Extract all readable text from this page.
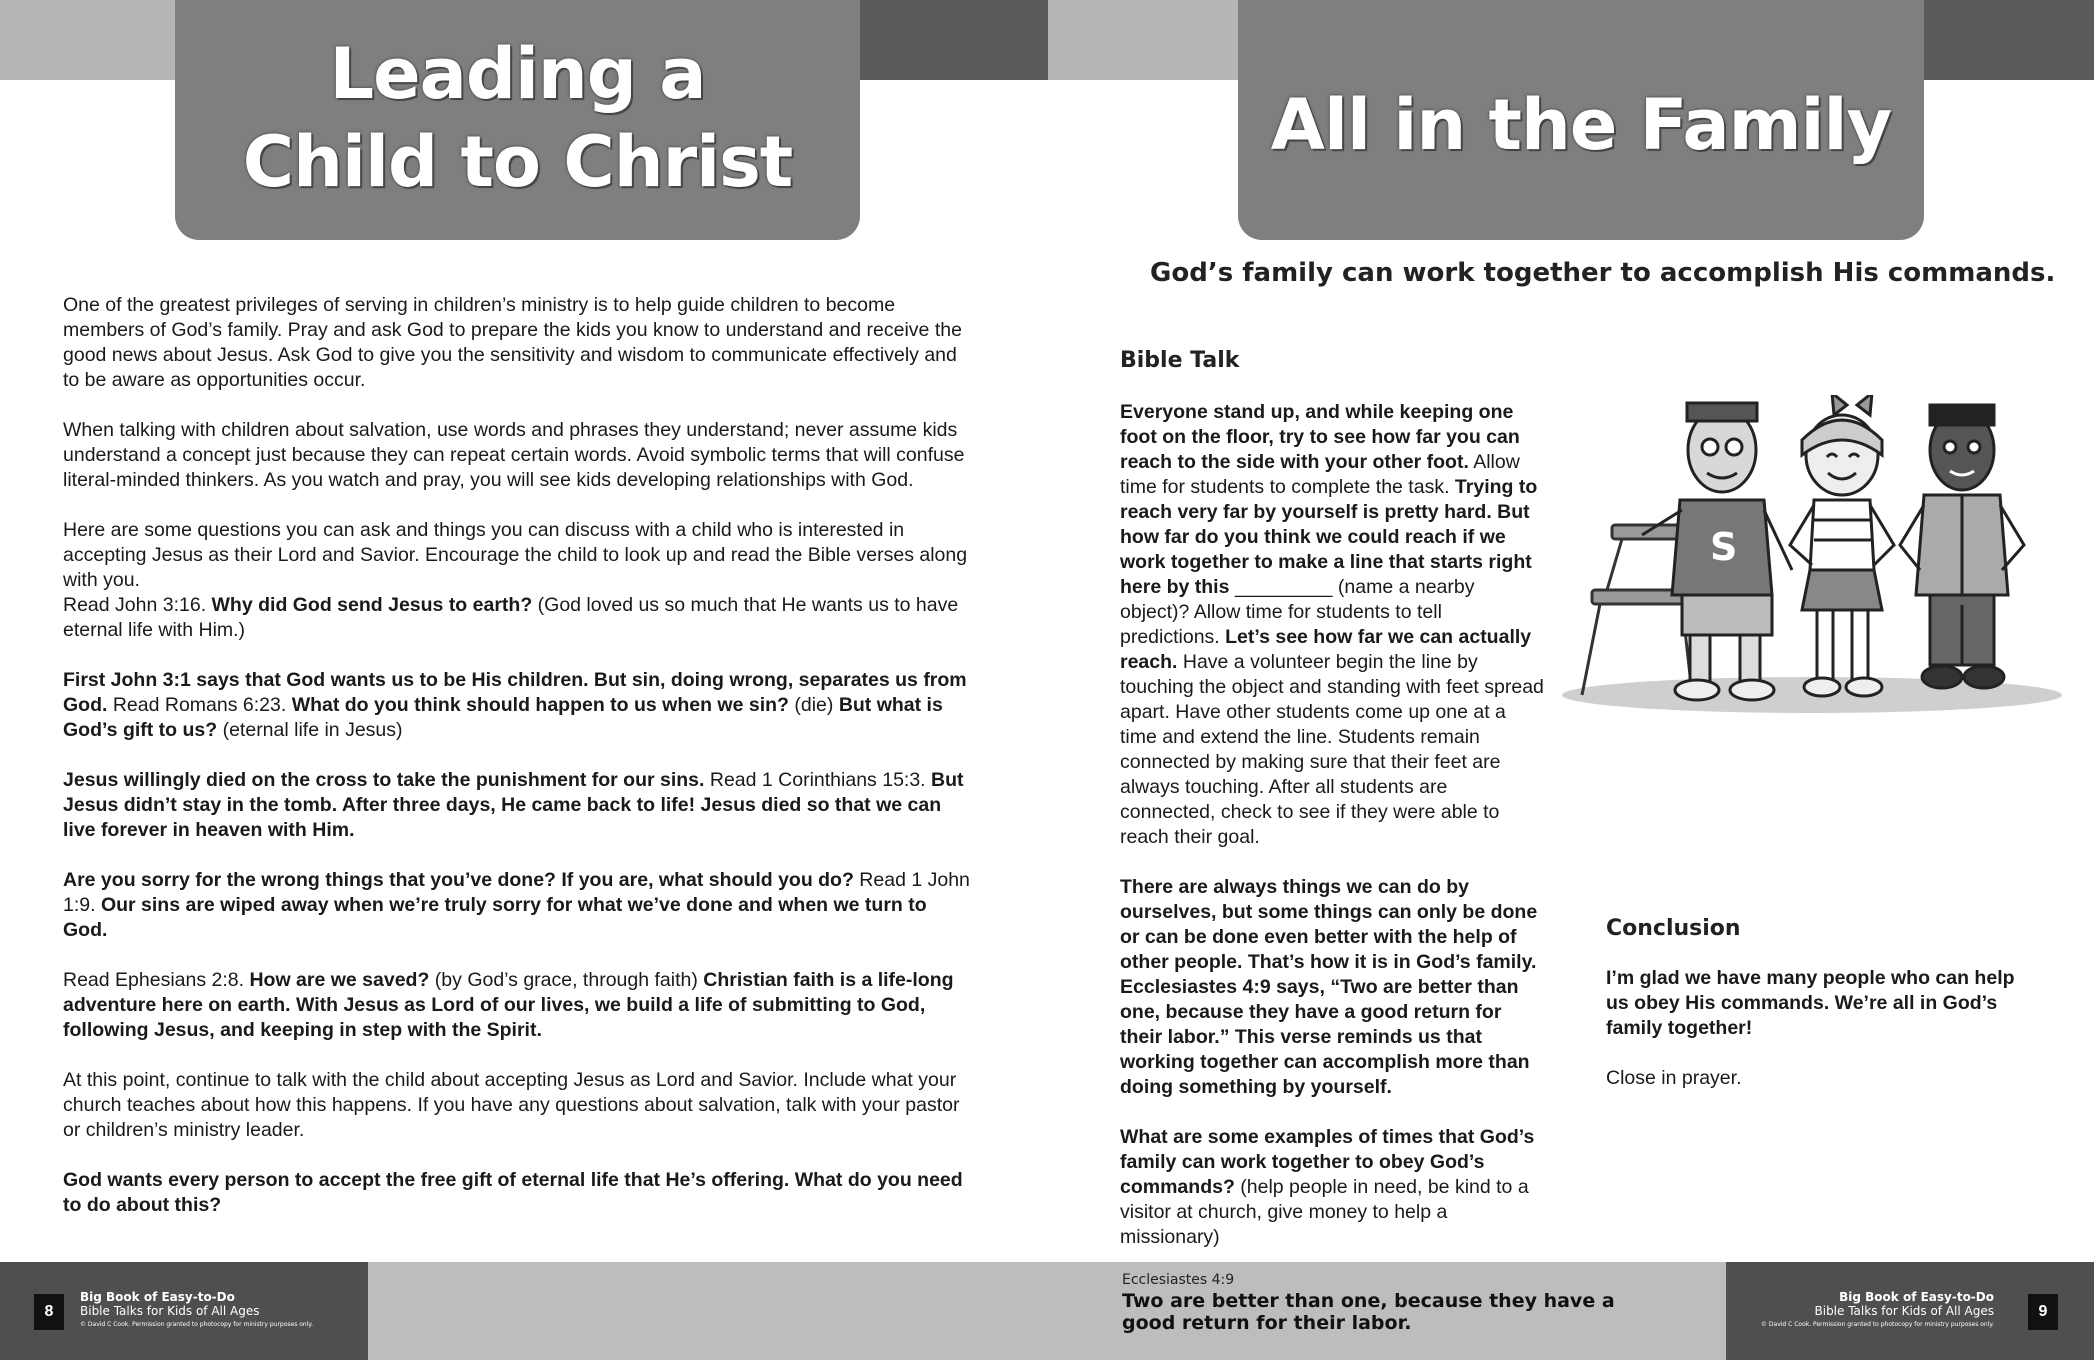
Leading a
Child to Christ	All in the Family

One of the greatest privileges of serving in children’s ministry is to help guide children to become members of God’s family. Pray and ask God to prepare the kids you know to understand and receive the good news about Jesus. Ask God to give you the sensitivity and wisdom to communicate effectively and to be aware as opportunities occur.

When talking with children about salvation, use words and phrases they understand; never assume kids understand a concept just because they can repeat certain words. Avoid symbolic terms that will confuse literal-minded thinkers. As you watch and pray, you will see kids developing relationships with God.

Here are some questions you can ask and things you can discuss with a child who is interested in accepting Jesus as their Lord and Savior. Encourage the child to look up and read the Bible verses along with you.

Read John 3:16. Why did God send Jesus to earth? (God loved us so much that He wants us to have eternal life with Him.)

First John 3:1 says that God wants us to be His children. But sin, doing wrong, separates us from God. Read Romans 6:23. What do you think should happen to us when we sin? (die) But what is God’s gift to us? (eternal life in Jesus)

Jesus willingly died on the cross to take the punishment for our sins. Read 1 Corinthians 15:3. But Jesus didn’t stay in the tomb. After three days, He came back to life! Jesus died so that we can live forever in heaven with Him.

Are you sorry for the wrong things that you’ve done? If you are, what should you do? Read 1 John 1:9. Our sins are wiped away when we’re truly sorry for what we’ve done and when we turn to God.

Read Ephesians 2:8. How are we saved? (by God’s grace, through faith) Christian faith is a life-long adventure here on earth. With Jesus as Lord of our lives, we build a life of submitting to God, following Jesus, and keeping in step with the Spirit.

At this point, continue to talk with the child about accepting Jesus as Lord and Savior. Include what your church teaches about how this happens. If you have any questions about salvation, talk with your pastor or children’s ministry leader.

God wants every person to accept the free gift of eternal life that He’s offering. What do you need to do about this?

God’s family can work together to accomplish His commands.
Bible Talk

Everyone stand up, and while keeping one foot on the floor, try to see how far you can reach to the side with your other foot. Allow time for students to complete the task. Trying to reach very far by yourself is pretty hard. But how far do you think we could reach if we work together to make a line that starts right here by this _________ (name a nearby object)? Allow time for students to tell predictions. Let’s see how far we can actually reach. Have a volunteer begin the line by touching the object and standing with feet spread apart. Have other students come up one at a time and extend the line. Students remain connected by making sure that their feet are always touching. After all students are connected, check to see if they were able to reach their goal.

There are always things we can do by ourselves, but some things can only be done or can be done even better with the help of other people. That’s how it is in God’s family. Ecclesiastes 4:9 says, “Two are better than one, because they have a good return for their labor.” This verse reminds us that working together can accomplish more than doing something by yourself.

What are some examples of times that God’s family can work together to obey God’s commands? (help people in need, be kind to a visitor at church, give money to help a missionary)

S
Conclusion

I’m glad we have many people who can help us obey His commands. We’re all in God’s family together!

Close in prayer.

8
Big Book of Easy-to-Do
Bible Talks for Kids of All Ages
© David C Cook. Permission granted to photocopy for ministry purposes only.
Ecclesiastes 4:9
Two are better than one, because they have a good return for their labor.
Big Book of Easy-to-Do
Bible Talks for Kids of All Ages
© David C Cook. Permission granted to photocopy for ministry purposes only.
9
